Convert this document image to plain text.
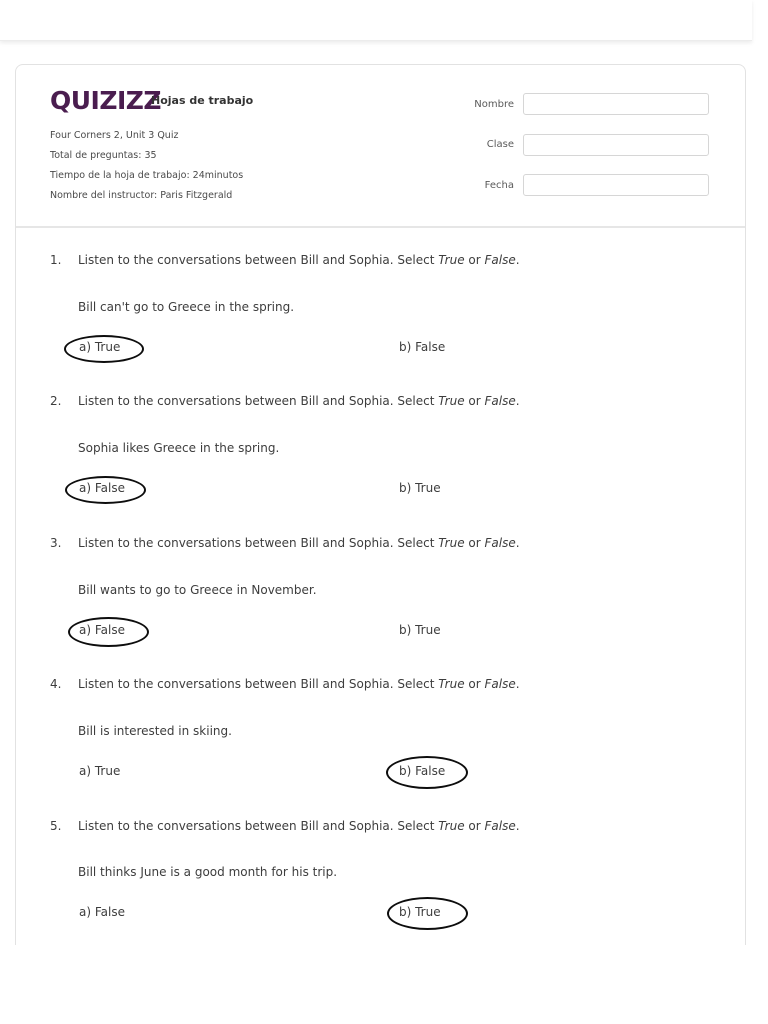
QUIZIZZ
Hojas de trabajo
Four Corners 2, Unit 3 Quiz
Total de preguntas: 35
Tiempo de la hoja de trabajo: 24minutos
Nombre del instructor: Paris Fitzgerald
Nombre
Clase
Fecha
1. Listen to the conversations between Bill and Sophia. Select True or False.
Bill can't go to Greece in the spring.
a) True	b) False
2. Listen to the conversations between Bill and Sophia. Select True or False.
Sophia likes Greece in the spring.
a) False	b) True
3. Listen to the conversations between Bill and Sophia. Select True or False.
Bill wants to go to Greece in November.
a) False	b) True
4. Listen to the conversations between Bill and Sophia. Select True or False.
Bill is interested in skiing.
a) True	b) False
5. Listen to the conversations between Bill and Sophia. Select True or False.
Bill thinks June is a good month for his trip.
a) False	b) True
